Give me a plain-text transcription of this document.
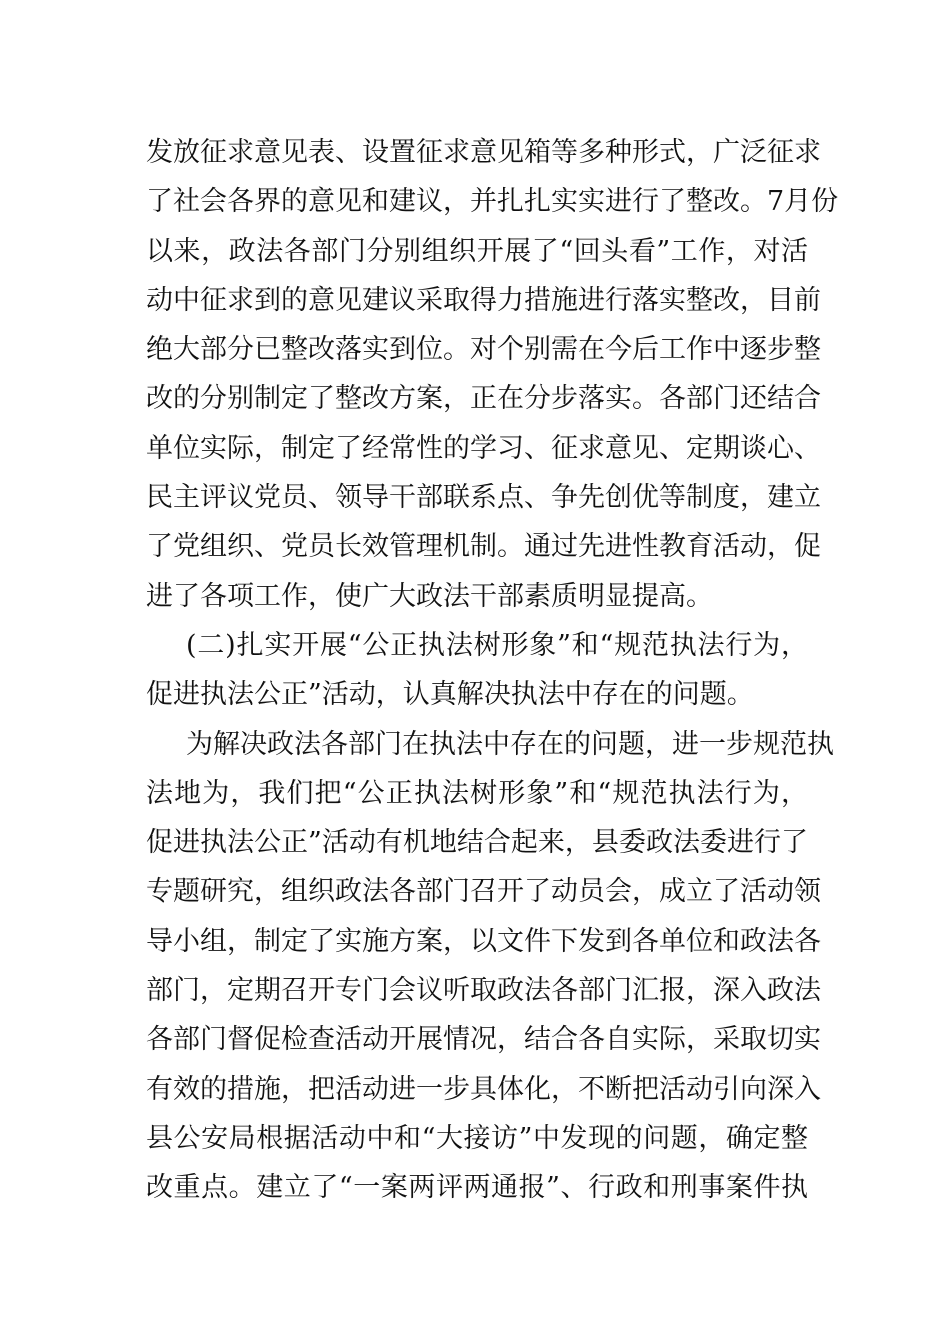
发放征求意见表、设置征求意见箱等多种形式，广泛征求
了社会各界的意见和建议，并扎扎实实进行了整改。7月份
以来，政法各部门分别组织开展了“回头看”工作，对活
动中征求到的意见建议采取得力措施进行落实整改，目前
绝大部分已整改落实到位。对个别需在今后工作中逐步整
改的分别制定了整改方案，正在分步落实。各部门还结合
单位实际，制定了经常性的学习、征求意见、定期谈心、
民主评议党员、领导干部联系点、争先创优等制度，建立
了党组织、党员长效管理机制。通过先进性教育活动，促
进了各项工作，使广大政法干部素质明显提高。
(二)扎实开展“公正执法树形象”和“规范执法行为，
促进执法公正”活动，认真解决执法中存在的问题。
为解决政法各部门在执法中存在的问题，进一步规范执
法地为，我们把“公正执法树形象”和“规范执法行为，
促进执法公正”活动有机地结合起来，县委政法委进行了
专题研究，组织政法各部门召开了动员会，成立了活动领
导小组，制定了实施方案，以文件下发到各单位和政法各
部门，定期召开专门会议听取政法各部门汇报，深入政法
各部门督促检查活动开展情况，结合各自实际，采取切实
有效的措施，把活动进一步具体化，不断把活动引向深入
县公安局根据活动中和“大接访”中发现的问题，确定整
改重点。建立了“一案两评两通报”、行政和刑事案件执
